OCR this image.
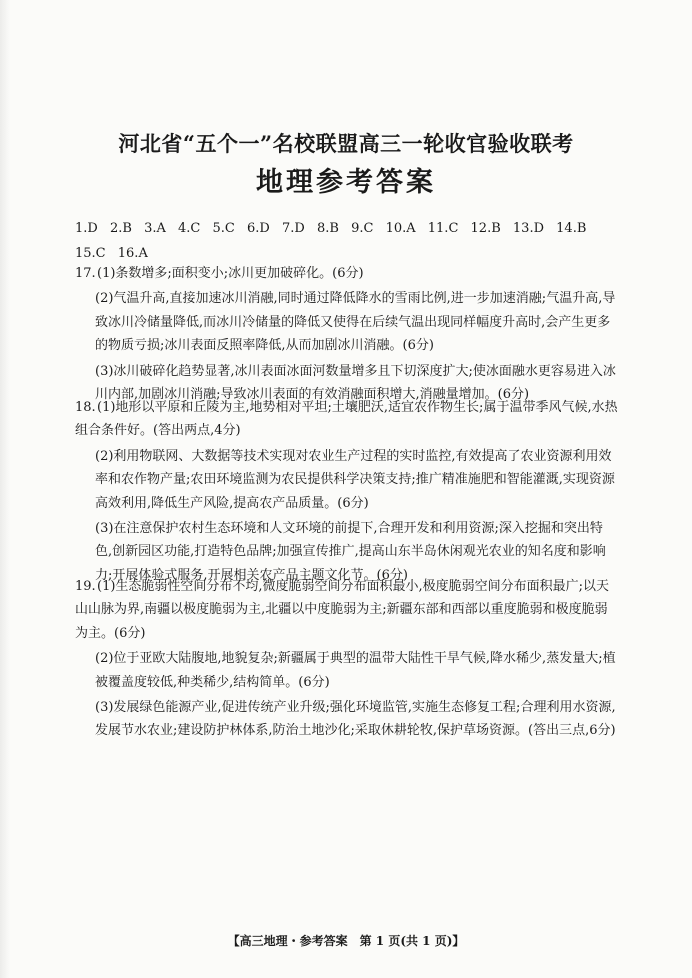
河北省“五个一”名校联盟高三一轮收官验收联考
地理参考答案
1.D 2.B 3.A 4.C 5.C 6.D 7.D 8.B 9.C 10.A 11.C 12.B 13.D 14.B
15.C 16.A
17.(1)条数增多;面积变小;冰川更加破碎化。(6分)
(2)气温升高,直接加速冰川消融,同时通过降低降水的雪雨比例,进一步加速消融;气温升高,导致冰川冷储量降低,而冰川冷储量的降低又使得在后续气温出现同样幅度升高时,会产生更多的物质亏损;冰川表面反照率降低,从而加剧冰川消融。(6分)
(3)冰川破碎化趋势显著,冰川表面冰面河数量增多且下切深度扩大;使冰面融水更容易进入冰川内部,加剧冰川消融;导致冰川表面的有效消融面积增大,消融量增加。(6分)
18.(1)地形以平原和丘陵为主,地势相对平坦;土壤肥沃,适宜农作物生长;属于温带季风气候,水热组合条件好。(答出两点,4分)
(2)利用物联网、大数据等技术实现对农业生产过程的实时监控,有效提高了农业资源利用效率和农作物产量;农田环境监测为农民提供科学决策支持;推广精准施肥和智能灌溉,实现资源高效利用,降低生产风险,提高农产品质量。(6分)
(3)在注意保护农村生态环境和人文环境的前提下,合理开发和利用资源;深入挖掘和突出特色,创新园区功能,打造特色品牌;加强宣传推广,提高山东半岛休闲观光农业的知名度和影响力;开展体验式服务,开展相关农产品主题文化节。(6分)
19.(1)生态脆弱性空间分布不均,微度脆弱空间分布面积最小,极度脆弱空间分布面积最广;以天山山脉为界,南疆以极度脆弱为主,北疆以中度脆弱为主;新疆东部和西部以重度脆弱和极度脆弱为主。(6分)
(2)位于亚欧大陆腹地,地貌复杂;新疆属于典型的温带大陆性干旱气候,降水稀少,蒸发量大;植被覆盖度较低,种类稀少,结构简单。(6分)
(3)发展绿色能源产业,促进传统产业升级;强化环境监管,实施生态修复工程;合理利用水资源,发展节水农业;建设防护林体系,防治土地沙化;采取休耕轮牧,保护草场资源。(答出三点,6分)
【高三地理・参考答案　第 1 页(共 1 页)】
